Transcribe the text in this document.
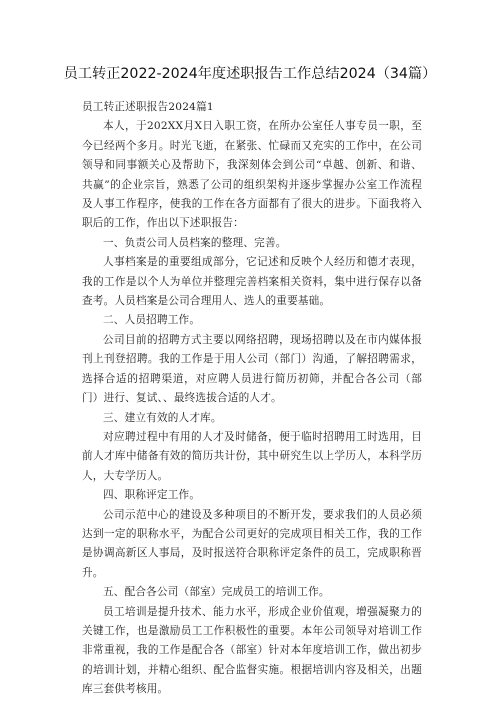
员工转正2022-2024年度述职报告工作总结2024（34篇）

员工转正述职报告2024篇1

本人，于202XX月X日入职工资，在所办公室任人事专员一职，至今已经两个多月。时光飞逝，在紧张、忙碌而又充实的工作中，在公司领导和同事额关心及帮助下，我深刻体会到公司“卓越、创新、和谐、共赢”的企业宗旨，熟悉了公司的组织架构并逐步掌握办公室工作流程及人事工作程序，使我的工作在各方面都有了很大的进步。下面我将入职后的工作，作出以下述职报告：

一、负责公司人员档案的整理、完善。

人事档案是的重要组成部分，它记述和反映个人经历和德才表现，我的工作是以个人为单位并整理完善档案相关资料，集中进行保存以备查考。人员档案是公司合理用人、选人的重要基础。

二、人员招聘工作。

公司目前的招聘方式主要以网络招聘，现场招聘以及在市内媒体报刊上刊登招聘。我的工作是于用人公司（部门）沟通，了解招聘需求，选择合适的招聘渠道，对应聘人员进行简历初筛，并配合各公司（部门）进行、复试、、最终选拔合适的人才。

三、建立有效的人才库。

对应聘过程中有用的人才及时储备，便于临时招聘用工时选用，目前人才库中储备有效的简历共计份，其中研究生以上学历人，本科学历人，大专学历人。

四、职称评定工作。

公司示范中心的建设及多种项目的不断开发，要求我们的人员必须达到一定的职称水平，为配合公司更好的完成项目相关工作，我的工作是协调高新区人事局，及时报送符合职称评定条件的员工，完成职称晋升。

五、配合各公司（部室）完成员工的培训工作。

员工培训是提升技术、能力水平，形成企业价值观，增强凝聚力的关键工作，也是激励员工工作积极性的重要。本年公司领导对培训工作非常重视，我的工作是配合各（部室）针对本年度培训工作，做出初步的培训计划，并精心组织、配合监督实施。根据培训内容及相关，出题库三套供考核用。
